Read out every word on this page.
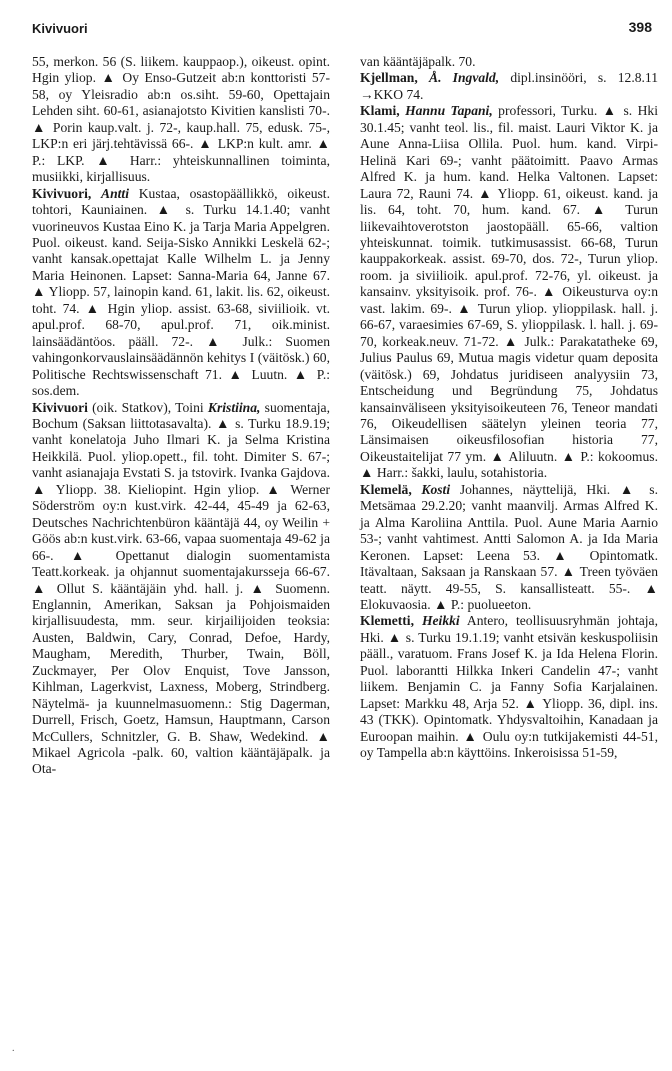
Kivivuori	398

55, merkon. 56 (S. liikem. kauppaop.), oikeust. opint. Hgin yliop. ▲ Oy Enso-Gutzeit ab:n konttoristi 57-58, oy Yleisradio ab:n os.siht. 59-60, Opettajain Lehden siht. 60-61, asianajotsto Kivitien kanslisti 70-. ▲ Porin kaup.valt. j. 72-, kaup.hall. 75, edusk. 75-, LKP:n eri järj.tehtävissä 66-. ▲ LKP:n kult. amr. ▲ P.: LKP. ▲ Harr.: yhteiskunnallinen toiminta, musiikki, kirjallisuus.

Kivivuori, Antti Kustaa, osastopäällikkö, oikeust. tohtori, Kauniainen. ▲ s. Turku 14.1.40; vanht vuorineuvos Kustaa Eino K. ja Tarja Maria Appelgren. Puol. oikeust. kand. Seija-Sisko Annikki Leskelä 62-; vanht kansak.opettajat Kalle Wilhelm L. ja Jenny Maria Heinonen. Lapset: Sanna-Maria 64, Janne 67. ▲ Yliopp. 57, lainopin kand. 61, lakit. lis. 62, oikeust. toht. 74. ▲ Hgin yliop. assist. 63-68, siviilioik. vt. apul.prof. 68-70, apul.prof. 71, oik.minist. lainsäädäntöos. pääll. 72-. ▲ Julk.: Suomen vahingonkorvauslainsäädännön kehitys I (väitösk.) 60, Politische Rechtswissenschaft 71. ▲ Luutn. ▲ P.: sos.dem.

Kivivuori (oik. Statkov), Toini Kristiina, suomentaja, Bochum (Saksan liittotasavalta). ▲ s. Turku 18.9.19; vanht konelatoja Juho Ilmari K. ja Selma Kristina Heikkilä. Puol. yliop.opett., fil. toht. Dimiter S. 67-; vanht asianajaja Evstati S. ja tstovirk. Ivanka Gajdova. ▲ Yliopp. 38. Kieliopint. Hgin yliop. ▲ Werner Söderström oy:n kust.virk. 42-44, 45-49 ja 62-63, Deutsches Nachrichtenbüron kääntäjä 44, oy Weilin + Göös ab:n kust.virk. 63-66, vapaa suomentaja 49-62 ja 66-. ▲ Opettanut dialogin suomentamista Teatt.korkeak. ja ohjannut suomentajakursseja 66-67. ▲ Ollut S. kääntäjäin yhd. hall. j. ▲ Suomenn. Englannin, Amerikan, Saksan ja Pohjoismaiden kirjallisuudesta, mm. seur. kirjailijoiden teoksia: Austen, Baldwin, Cary, Conrad, Defoe, Hardy, Maugham, Meredith, Thurber, Twain, Böll, Zuckmayer, Per Olov Enquist, Tove Jansson, Kihlman, Lagerkvist, Laxness, Moberg, Strindberg. Näytelmä- ja kuunnelmasuomenn.: Stig Dagerman, Durrell, Frisch, Goetz, Hamsun, Hauptmann, Carson McCullers, Schnitzler, G. B. Shaw, Wedekind. ▲ Mikael Agricola -palk. 60, valtion kääntäjäpalk. ja Ota-

van kääntäjäpalk. 70.

Kjellman, Å. Ingvald, dipl.insinööri, s. 12.8.11 →KKO 74.

Klami, Hannu Tapani, professori, Turku. ▲ s. Hki 30.1.45; vanht teol. lis., fil. maist. Lauri Viktor K. ja Aune Anna-Liisa Ollila. Puol. hum. kand. Virpi-Helinä Kari 69-; vanht päätoimitt. Paavo Armas Alfred K. ja hum. kand. Helka Valtonen. Lapset: Laura 72, Rauni 74. ▲ Yliopp. 61, oikeust. kand. ja lis. 64, toht. 70, hum. kand. 67. ▲ Turun liikevaihtoverotston jaostopääll. 65-66, valtion yhteiskunnat. toimik. tutkimusassist. 66-68, Turun kauppakorkeak. assist. 69-70, dos. 72-, Turun yliop. room. ja siviilioik. apul.prof. 72-76, yl. oikeust. ja kansainv. yksityisoik. prof. 76-. ▲ Oikeusturva oy:n vast. lakim. 69-. ▲ Turun yliop. ylioppilask. hall. j. 66-67, varaesimies 67-69, S. ylioppilask. l. hall. j. 69-70, korkeak.neuv. 71-72. ▲ Julk.: Parakatatheke 69, Julius Paulus 69, Mutua magis videtur quam deposita (väitösk.) 69, Johdatus juridiseen analyysiin 73, Entscheidung und Begründung 75, Johdatus kansainväliseen yksityisoikeuteen 76, Teneor mandati 76, Oikeudellisen säätelyn yleinen teoria 77, Länsimaisen oikeusfilosofian historia 77, Oikeustaitelijat 77 ym. ▲ Aliluutn. ▲ P.: kokoomus. ▲ Harr.: šakki, laulu, sotahistoria.

Klemelä, Kosti Johannes, näyttelijä, Hki. ▲ s. Metsämaa 29.2.20; vanht maanvilj. Armas Alfred K. ja Alma Karoliina Anttila. Puol. Aune Maria Aarnio 53-; vanht vahtimest. Antti Salomon A. ja Ida Maria Keronen. Lapset: Leena 53. ▲ Opintomatk. Itävaltaan, Saksaan ja Ranskaan 57. ▲ Treen työväen teatt. näytt. 49-55, S. kansallisteatt. 55-. ▲ Elokuvaosia. ▲ P.: puolueeton.

Klemetti, Heikki Antero, teollisuusryhmän johtaja, Hki. ▲ s. Turku 19.1.19; vanht etsivän keskuspoliisin pääll., varatuom. Frans Josef K. ja Ida Helena Florin. Puol. laborantti Hilkka Inkeri Candelin 47-; vanht liikem. Benjamin C. ja Fanny Sofia Karjalainen. Lapset: Markku 48, Arja 52. ▲ Yliopp. 36, dipl. ins. 43 (TKK). Opintomatk. Yhdysvaltoihin, Kanadaan ja Euroopan maihin. ▲ Oulu oy:n tutkijakemisti 44-51, oy Tampella ab:n käyttöins. Inkeroisissa 51-59,

.
